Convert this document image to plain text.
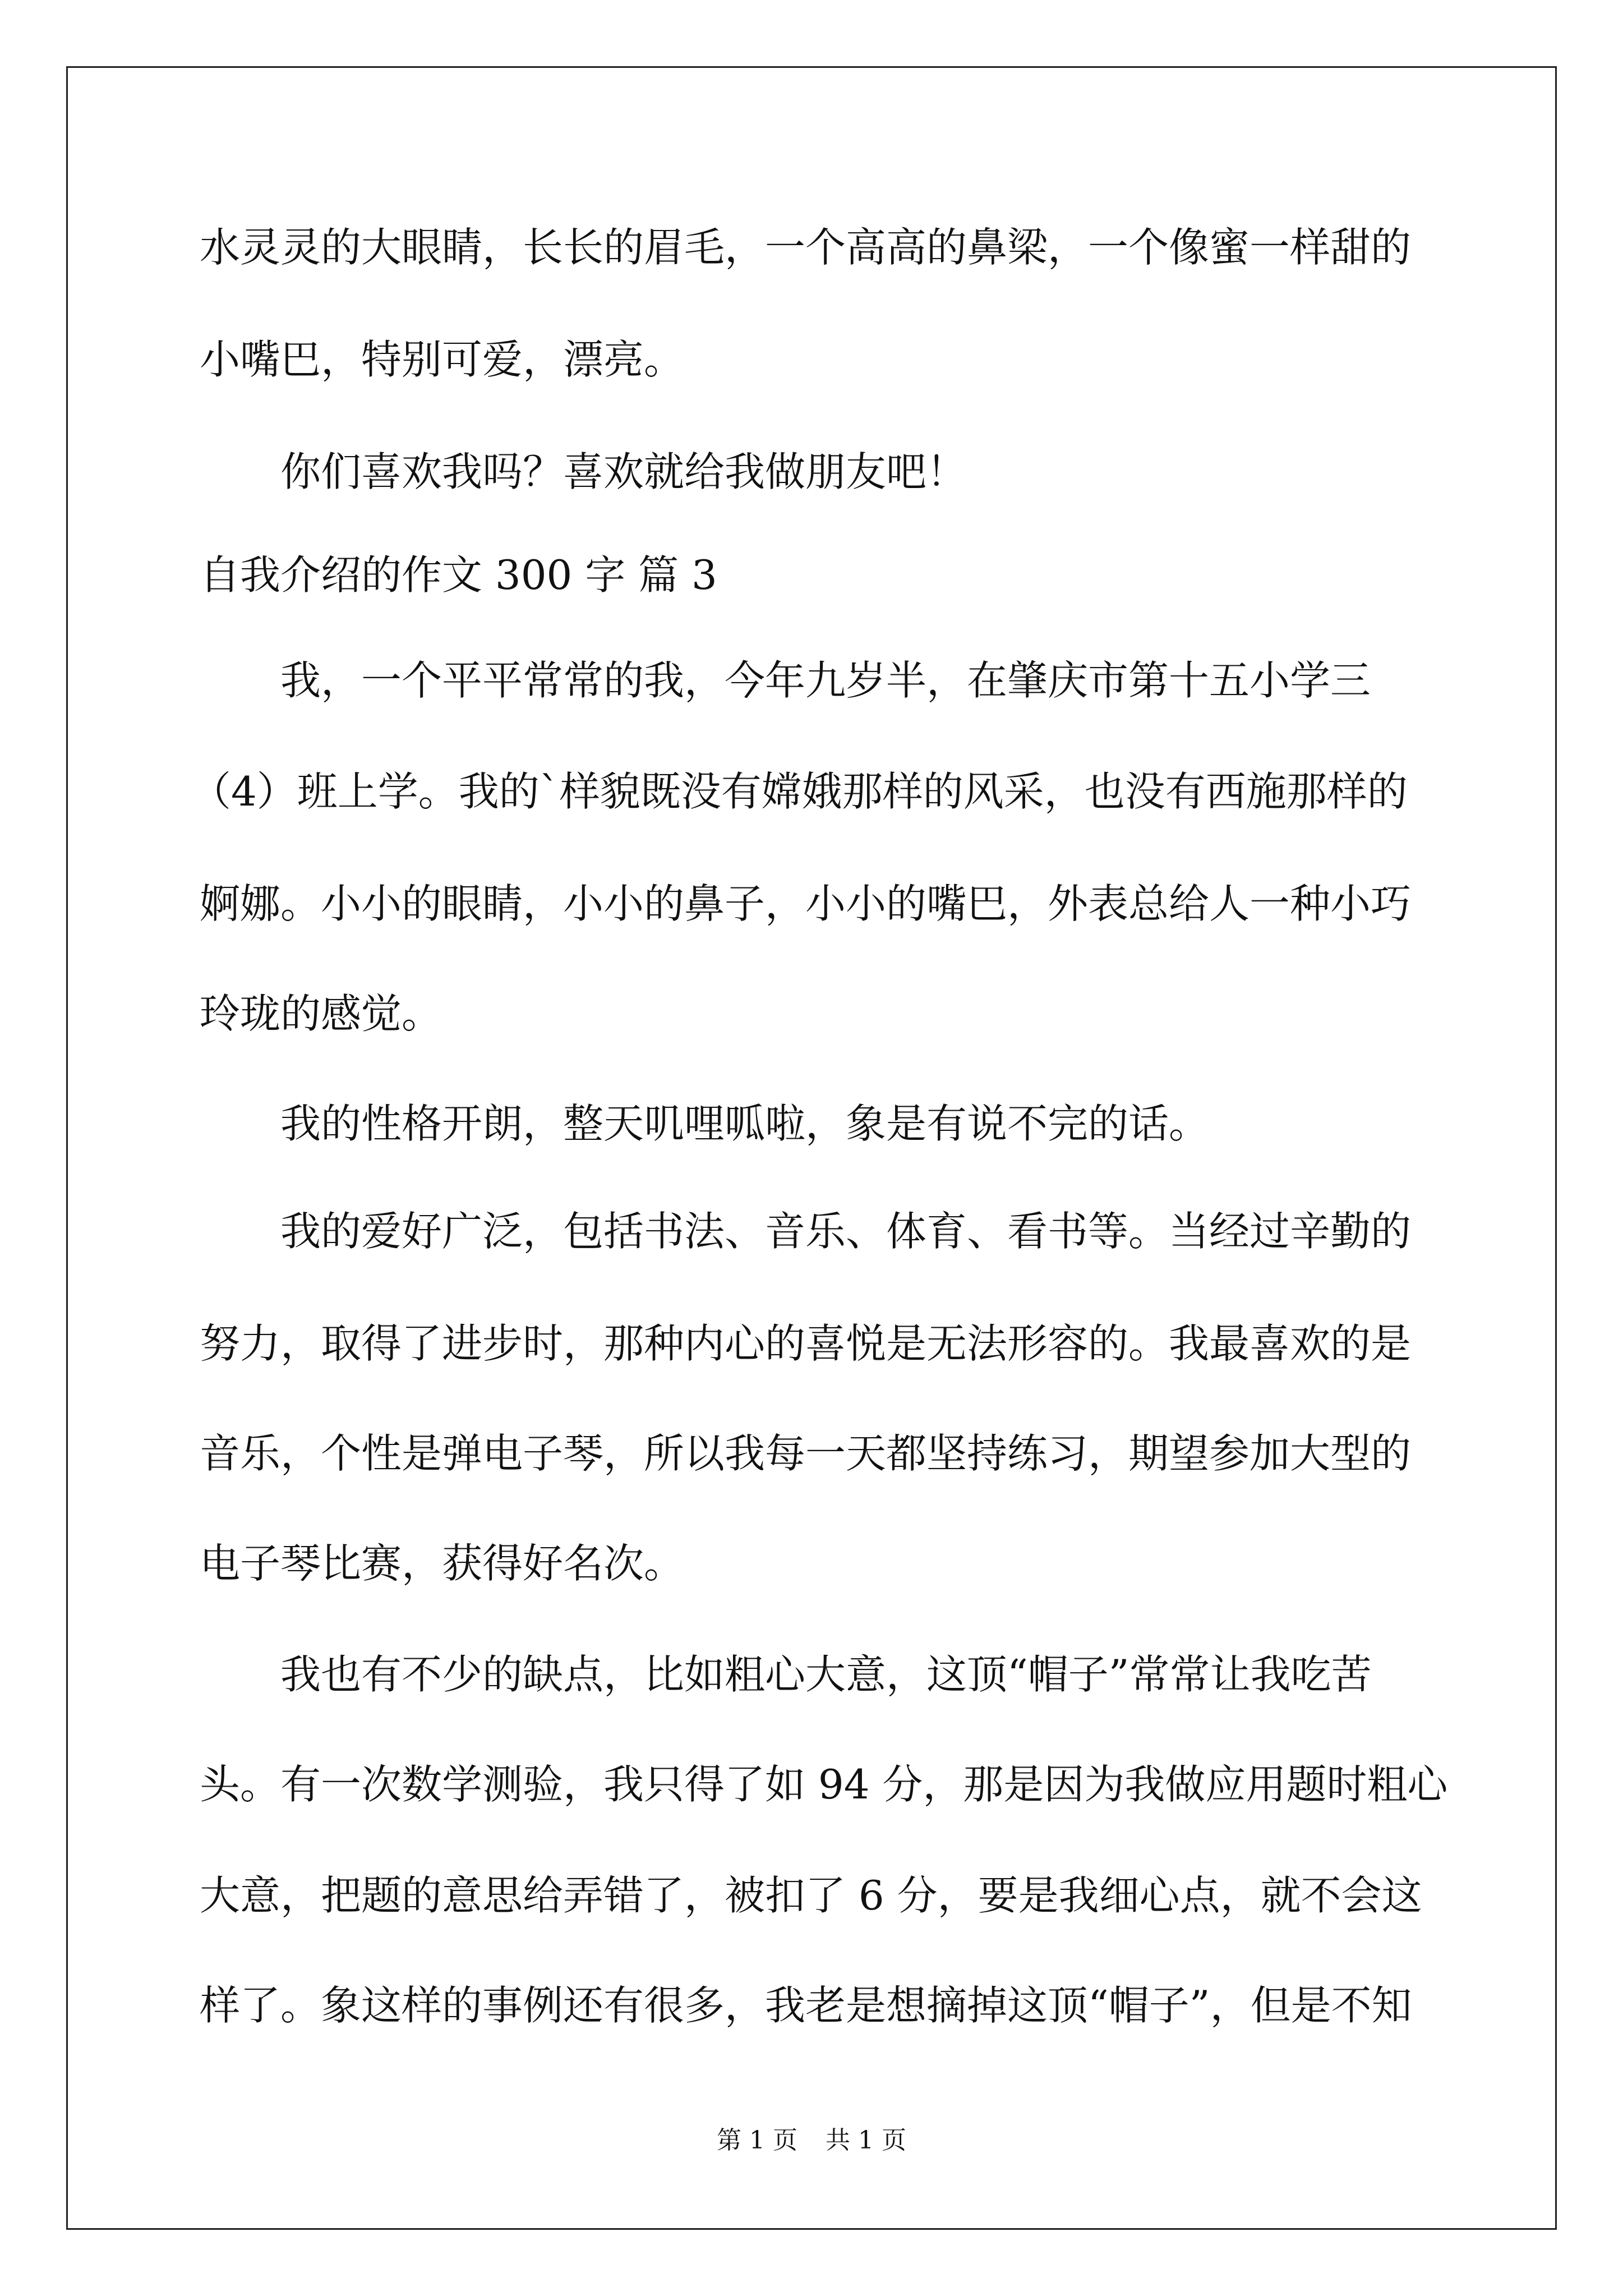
水灵灵的大眼睛，长长的眉毛，一个高高的鼻梁，一个像蜜一样甜的
小嘴巴，特别可爱，漂亮。
你们喜欢我吗？喜欢就给我做朋友吧！
自我介绍的作文 300 字 篇 3
我，一个平平常常的我，今年九岁半，在肇庆市第十五小学三
（4）班上学。我的`样貌既没有嫦娥那样的风采，也没有西施那样的
婀娜。小小的眼睛，小小的鼻子，小小的嘴巴，外表总给人一种小巧
玲珑的感觉。
我的性格开朗，整天叽哩呱啦，象是有说不完的话。
我的爱好广泛，包括书法、音乐、体育、看书等。当经过辛勤的
努力，取得了进步时，那种内心的喜悦是无法形容的。我最喜欢的是
音乐，个性是弹电子琴，所以我每一天都坚持练习，期望参加大型的
电子琴比赛，获得好名次。
我也有不少的缺点，比如粗心大意，这顶“帽子”常常让我吃苦
头。有一次数学测验，我只得了如 94 分，那是因为我做应用题时粗心
大意，把题的意思给弄错了，被扣了 6 分，要是我细心点，就不会这
样了。象这样的事例还有很多，我老是想摘掉这顶“帽子”，但是不知
第 1 页 共 1 页
